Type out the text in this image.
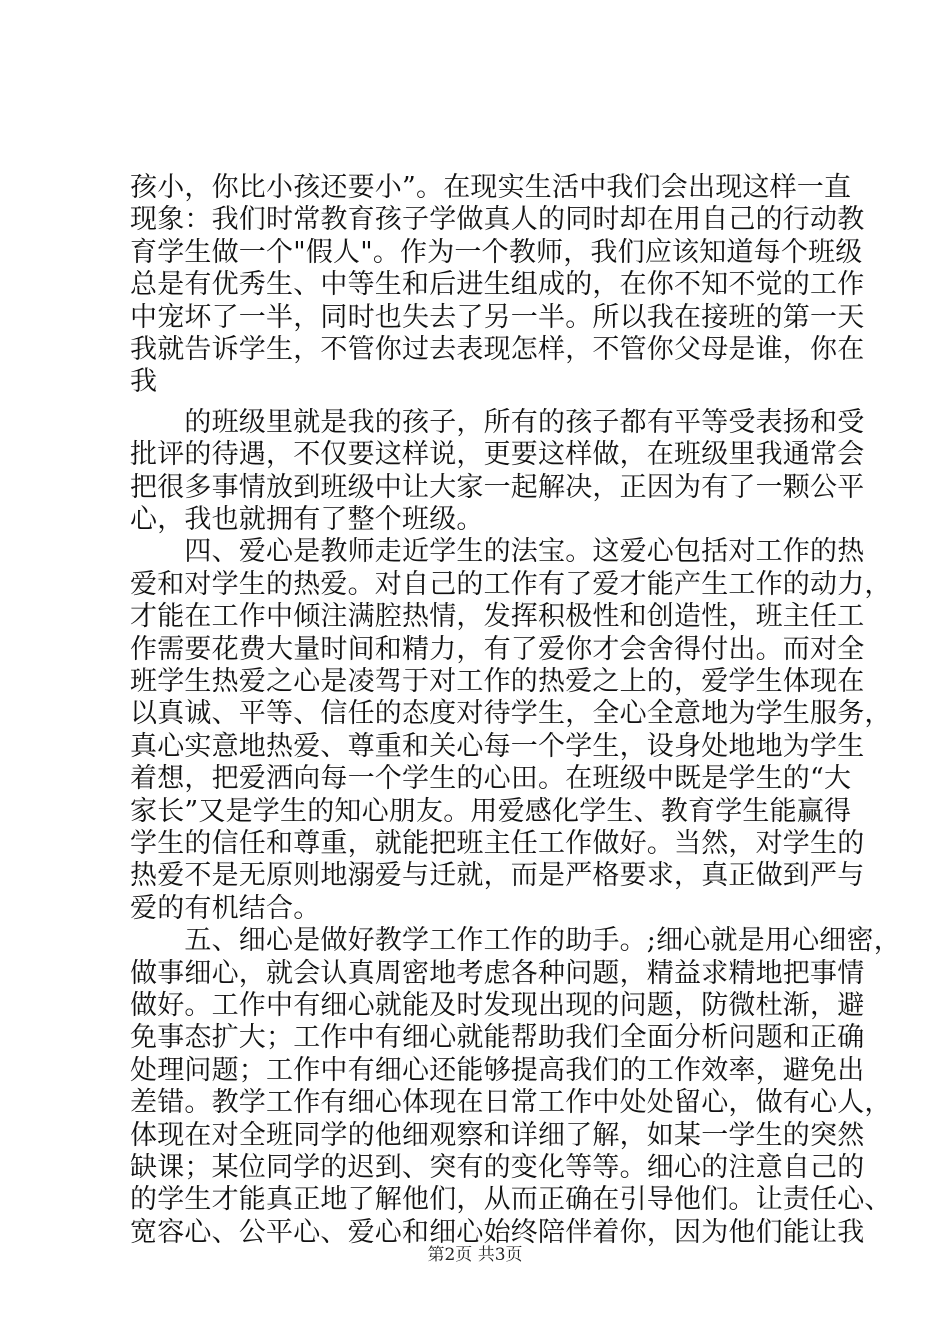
孩小，你比小孩还要小”。在现实生活中我们会出现这样一直
现象：我们时常教育孩子学做真人的同时却在用自己的行动教
育学生做一个"假人"。作为一个教师，我们应该知道每个班级
总是有优秀生、中等生和后进生组成的，在你不知不觉的工作
中宠坏了一半，同时也失去了另一半。所以我在接班的第一天
我就告诉学生，不管你过去表现怎样，不管你父母是谁，你在
我
　　的班级里就是我的孩子，所有的孩子都有平等受表扬和受
批评的待遇，不仅要这样说，更要这样做，在班级里我通常会
把很多事情放到班级中让大家一起解决，正因为有了一颗公平
心，我也就拥有了整个班级。
　　四、爱心是教师走近学生的法宝。这爱心包括对工作的热
爱和对学生的热爱。对自己的工作有了爱才能产生工作的动力，
才能在工作中倾注满腔热情，发挥积极性和创造性，班主任工
作需要花费大量时间和精力，有了爱你才会舍得付出。而对全
班学生热爱之心是凌驾于对工作的热爱之上的，爱学生体现在
以真诚、平等、信任的态度对待学生，全心全意地为学生服务，
真心实意地热爱、尊重和关心每一个学生，设身处地地为学生
着想，把爱洒向每一个学生的心田。在班级中既是学生的“大
家长”又是学生的知心朋友。用爱感化学生、教育学生能赢得
学生的信任和尊重，就能把班主任工作做好。当然，对学生的
热爱不是无原则地溺爱与迁就，而是严格要求，真正做到严与
爱的有机结合。
　　五、细心是做好教学工作工作的助手。;细心就是用心细密，
做事细心，就会认真周密地考虑各种问题，精益求精地把事情
做好。工作中有细心就能及时发现出现的问题，防微杜渐，避
免事态扩大；工作中有细心就能帮助我们全面分析问题和正确
处理问题；工作中有细心还能够提高我们的工作效率，避免出
差错。教学工作有细心体现在日常工作中处处留心，做有心人，
体现在对全班同学的他细观察和详细了解，如某一学生的突然
缺课；某位同学的迟到、突有的变化等等。细心的注意自己的
的学生才能真正地了解他们，从而正确在引导他们。让责任心、
宽容心、公平心、爱心和细心始终陪伴着你，因为他们能让我
第2页 共3页
